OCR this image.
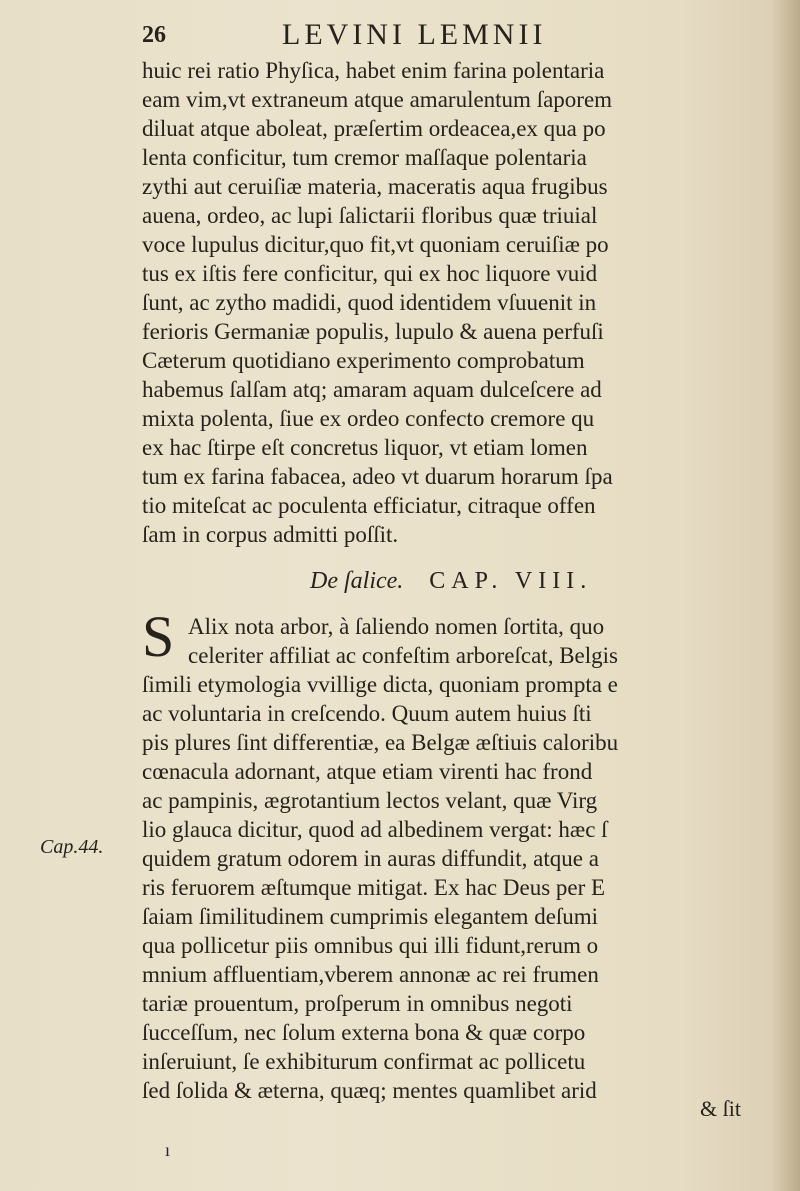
26	LEVINI LEMNII
huic rei ratio Phyſica, habet enim farina polentaria
eam vim,vt extraneum atque amarulentum ſaporem
diluat atque aboleat, præſertim ordeacea,ex qua po
lenta conficitur, tum cremor maſſaque polentaria
zythi aut ceruiſiæ materia, maceratis aqua frugibus
auena, ordeo, ac lupi ſalictarii floribus quæ triuial
voce lupulus dicitur,quo fit,vt quoniam ceruiſiæ po
tus ex iſtis fere conficitur, qui ex hoc liquore vuid
ſunt, ac zytho madidi, quod identidem vſuuenit in
ferioris Germaniæ populis, lupulo & auena perfuſi
Cæterum quotidiano experimento comprobatum
habemus ſalſam atq; amaram aquam dulceſcere ad
mixta polenta, ſiue ex ordeo confecto cremore qu
ex hac ſtirpe eſt concretus liquor, vt etiam lomen
tum ex farina fabacea, adeo vt duarum horarum ſpa
tio miteſcat ac poculenta efficiatur, citraque offen
ſam in corpus admitti poſſit.
De ſalice. CAP. VIII.
S Alix nota arbor, à ſaliendo nomen ſortita, quo
celeriter affiliat ac confeſtim arboreſcat, Belgis
ſimili etymologia vvillige dicta, quoniam prompta e
ac voluntaria in creſcendo. Quum autem huius ſti
pis plures ſint differentiæ, ea Belgæ æſtiuis caloribu
cœnacula adornant, atque etiam virenti hac frond
ac pampinis, ægrotantium lectos velant, quæ Virg
lio glauca dicitur, quod ad albedinem vergat: hæc ſ
quidem gratum odorem in auras diffundit, atque a
ris feruorem æſtumque mitigat. Ex hac Deus per E
ſaiam ſimilitudinem cumprimis elegantem deſumi
qua pollicetur piis omnibus qui illi fidunt,rerum o
mnium affluentiam,vberem annonæ ac rei frumen
tariæ prouentum, proſperum in omnibus negoti
ſucceſſum, nec ſolum externa bona & quæ corpo
inſeruiunt, ſe exhibiturum confirmat ac pollicetu
ſed ſolida & æterna, quæq; mentes quamlibet arid
Cap.44.
& ſit
ı
